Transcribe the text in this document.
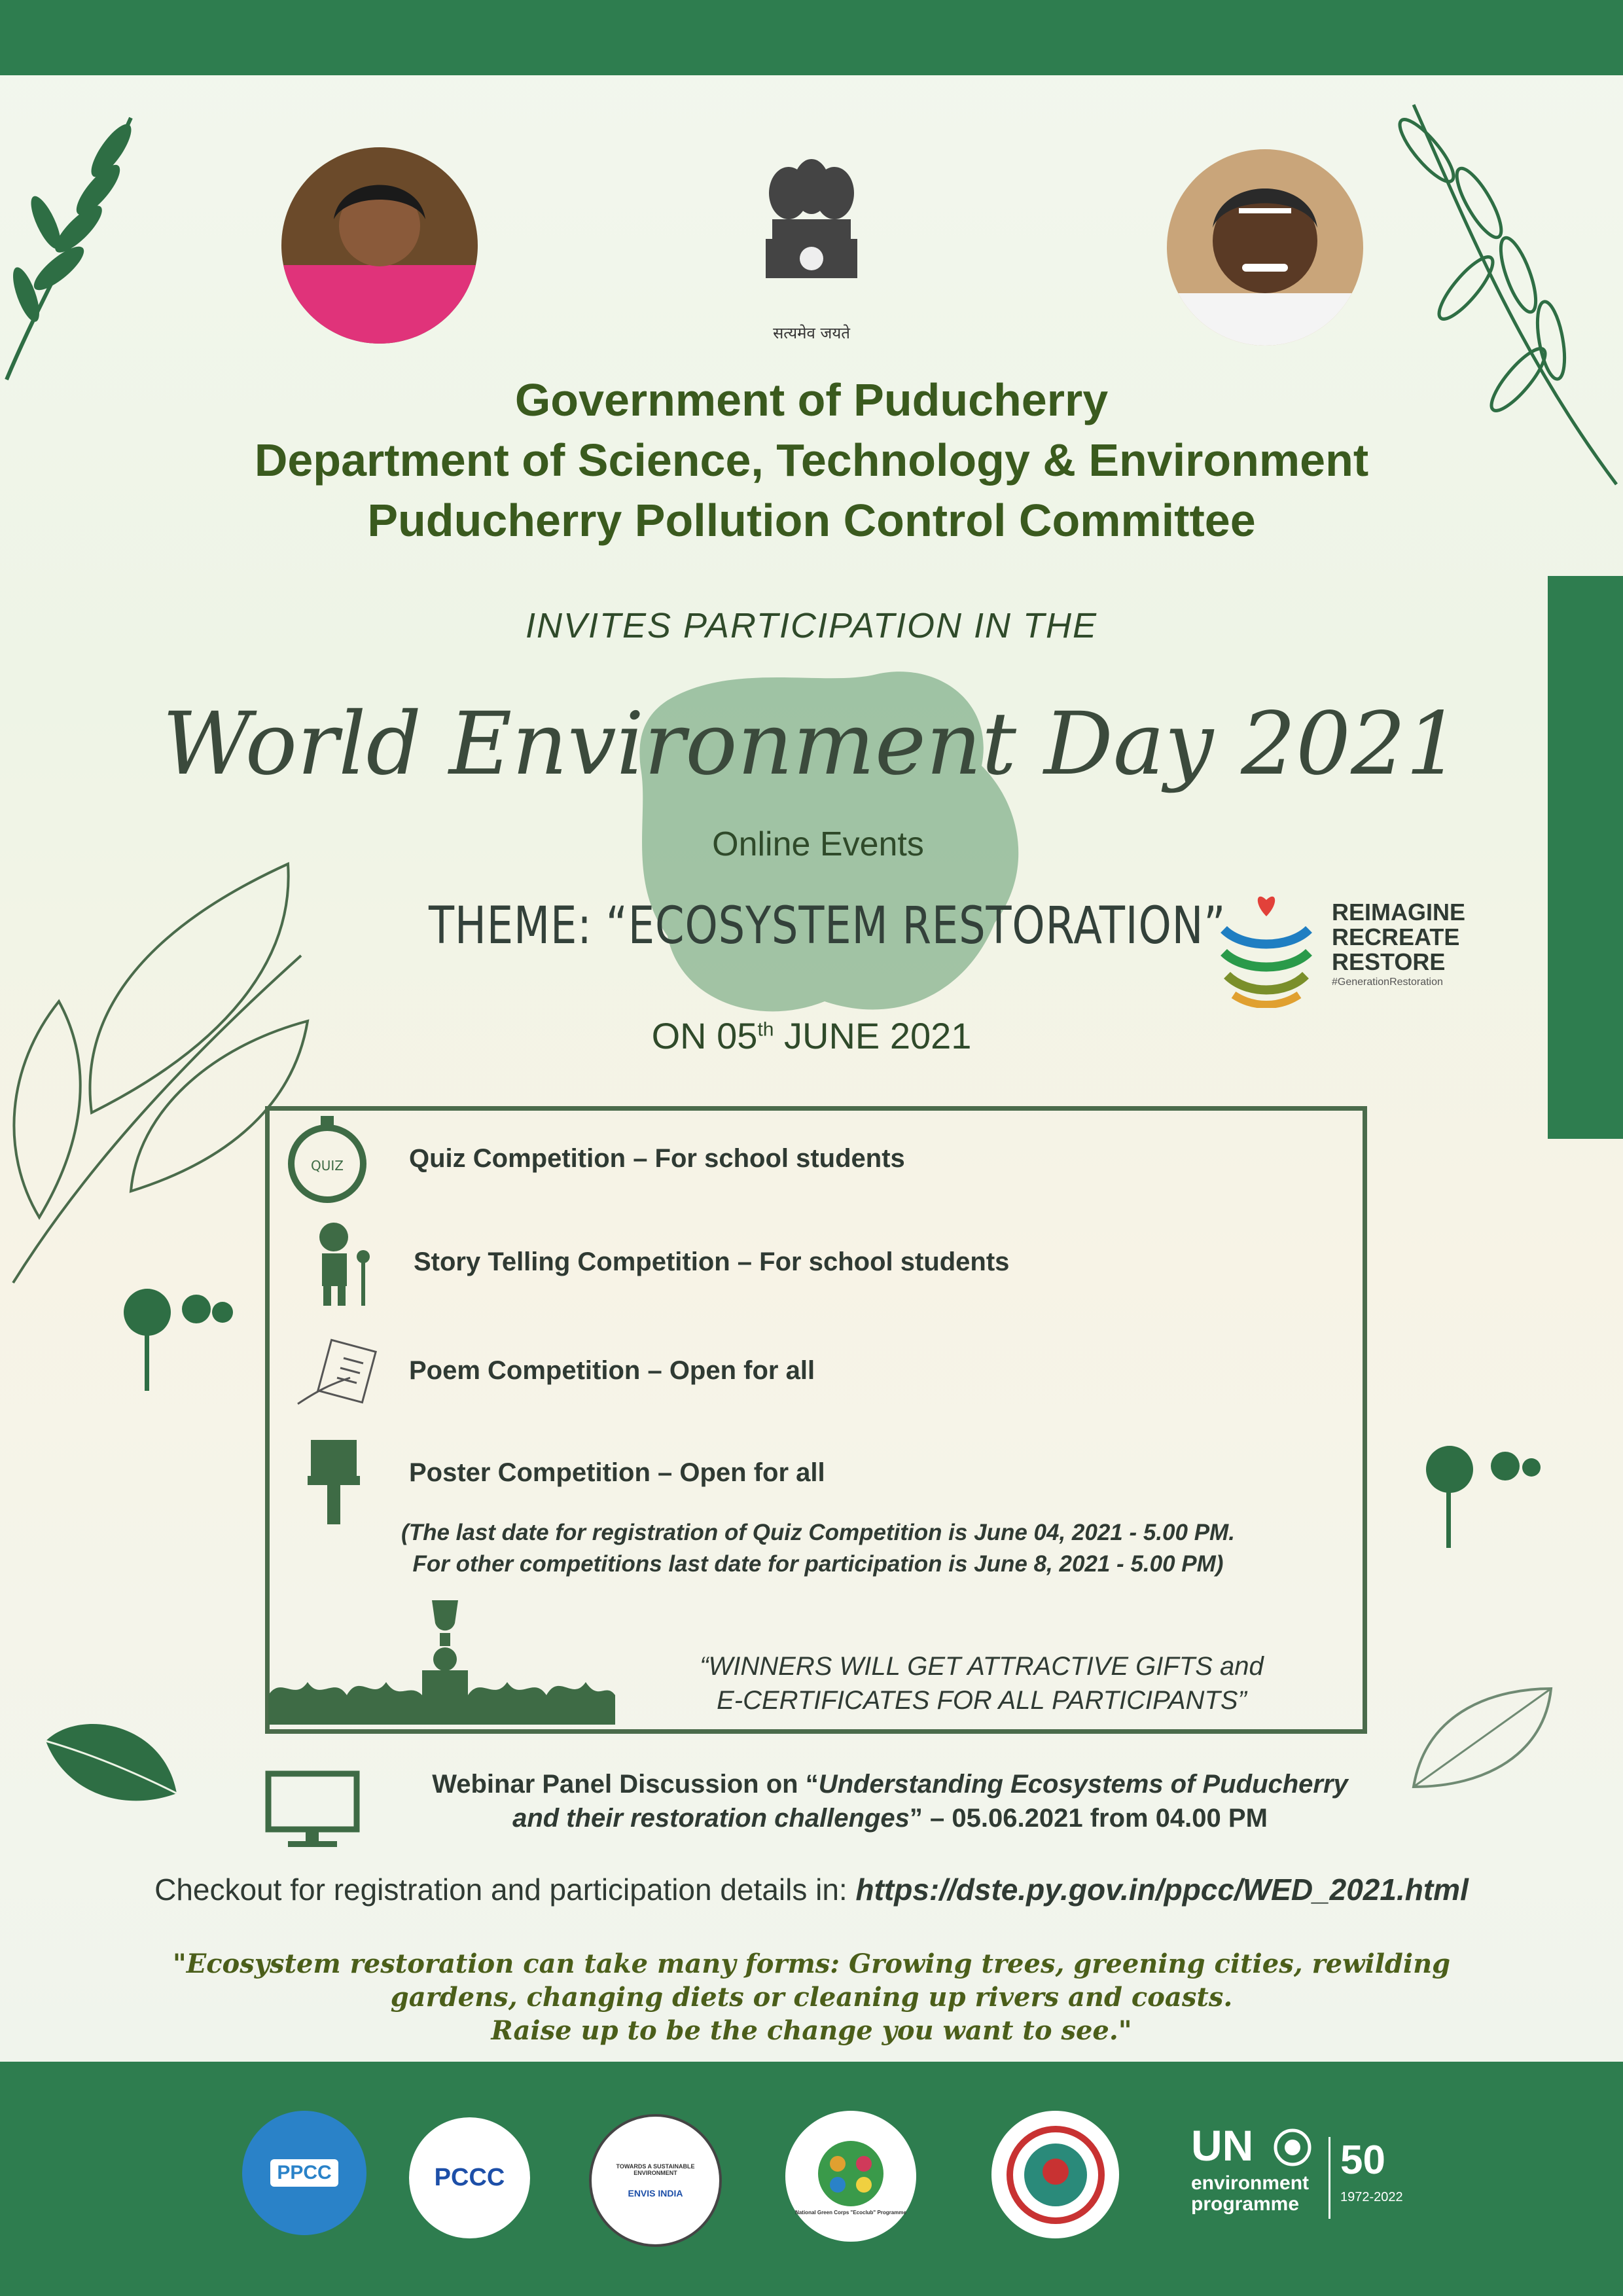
सत्यमेव जयते
Government of Puducherry
Department of Science, Technology & Environment
Puducherry Pollution Control Committee
INVITES PARTICIPATION IN THE
World Environment Day 2021
Online Events
THEME: “ECOSYSTEM RESTORATION”	REIMAGINE
RECREATE
RESTORE
#GenerationRestoration
ON 05th JUNE 2021
QUIZ	Quiz Competition – For school students
Story Telling Competition – For school students
Poem Competition – Open for all
Poster Competition – Open for all
(The last date for registration of Quiz Competition is June 04, 2021 - 5.00 PM.
For other competitions last date for participation is June 8, 2021 - 5.00 PM)
“WINNERS WILL GET ATTRACTIVE GIFTS and
E-CERTIFICATES FOR ALL PARTICIPANTS”
Webinar Panel Discussion on “Understanding Ecosystems of Puducherry
and their restoration challenges” – 05.06.2021 from 04.00 PM
Checkout for registration and participation details in: https://dste.py.gov.in/ppcc/WED_2021.html
"Ecosystem restoration can take many forms: Growing trees, greening cities, rewilding
gardens, changing diets or cleaning up rivers and coasts.
Raise up to be the change you want to see."
PPCC	PCCC	TOWARDS A SUSTAINABLE ENVIRONMENT
ENVIS INDIA
National Green Corps "Ecoclub" Programme
UN
environment
programme
50
1972-2022
